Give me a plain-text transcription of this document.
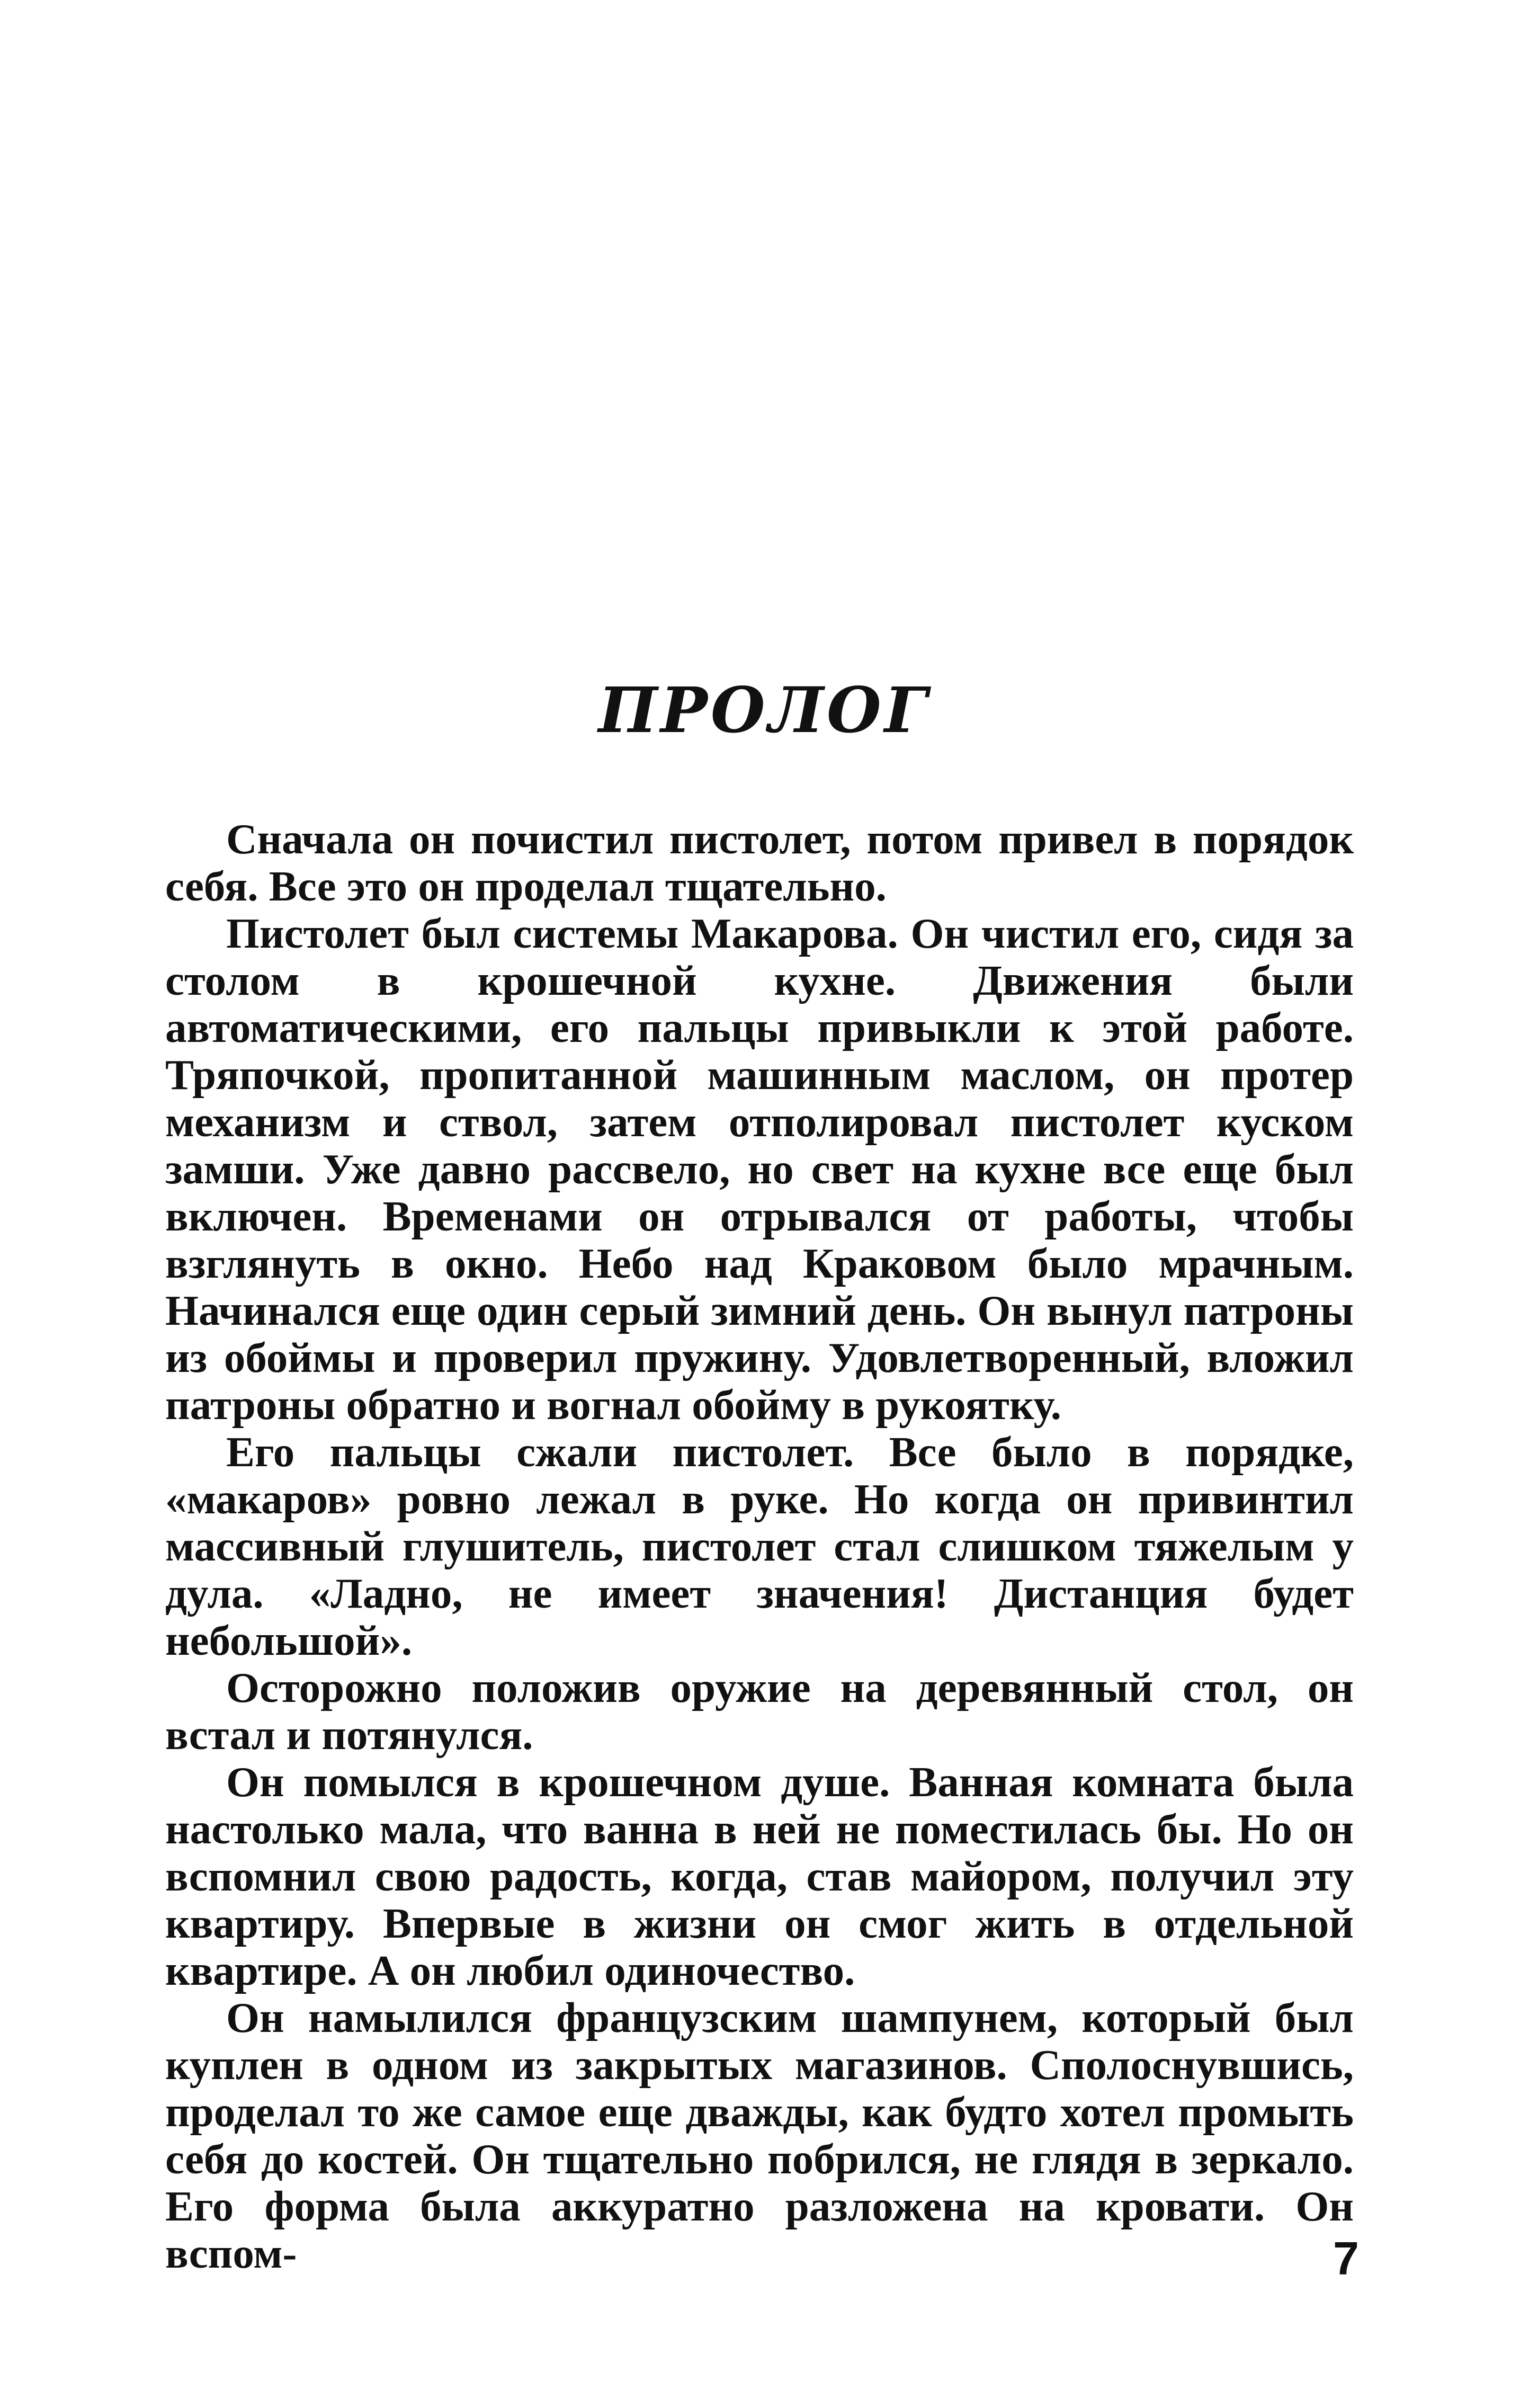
ПРОЛОГ

Сначала он почистил пистолет, потом привел в порядок себя. Все это он проделал тщательно.

Пистолет был системы Макарова. Он чистил его, сидя за столом в крошечной кухне. Движения были автоматическими, его пальцы привыкли к этой работе. Тряпочкой, пропитанной машинным маслом, он протер механизм и ствол, затем отполировал пистолет куском замши. Уже давно рассвело, но свет на кухне все еще был включен. Временами он отрывался от работы, чтобы взглянуть в окно. Небо над Краковом было мрачным. Начинался еще один серый зимний день. Он вынул патроны из обоймы и проверил пружину. Удовлетворенный, вложил патроны обратно и вогнал обойму в рукоятку.

Его пальцы сжали пистолет. Все было в порядке, «макаров» ровно лежал в руке. Но когда он привинтил массивный глушитель, пистолет стал слишком тяжелым у дула. «Ладно, не имеет значения! Дистанция будет небольшой».

Осторожно положив оружие на деревянный стол, он встал и потянулся.

Он помылся в крошечном душе. Ванная комната была настолько мала, что ванна в ней не поместилась бы. Но он вспомнил свою радость, когда, став майором, получил эту квартиру. Впервые в жизни он смог жить в отдельной квартире. А он любил одиночество.

Он намылился французским шампунем, который был куплен в одном из закрытых магазинов. Сполоснувшись, проделал то же самое еще дважды, как будто хотел промыть себя до костей. Он тщательно побрился, не глядя в зеркало. Его форма была аккуратно разложена на кровати. Он вспом-	7
